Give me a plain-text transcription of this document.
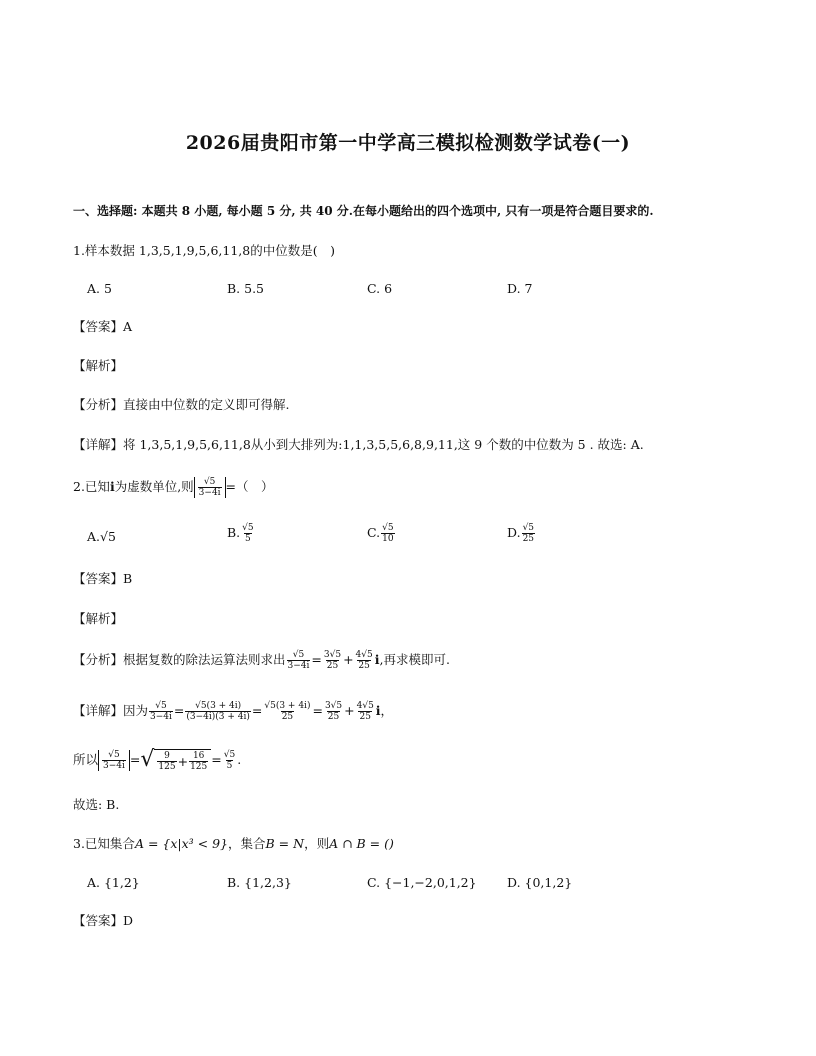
2026届贵阳市第一中学高三模拟检测数学试卷(一)
一、选择题: 本题共 8 小题, 每小题 5 分, 共 40 分.在每小题给出的四个选项中, 只有一项是符合题目要求的.
1.样本数据 1,3,5,1,9,5,6,11,8的中位数是(　)
A. 5	B. 5.5	C. 6	D. 7
【答案】A
【解析】
【分析】直接由中位数的定义即可得解.
【详解】将 1,3,5,1,9,5,6,11,8从小到大排列为:1,1,3,5,5,6,8,9,11,这 9 个数的中位数为 5 . 故选: A.
2.已知i为虚数单位,则 $\frac{√5}{3-4i}$ =（　）
A.√5	B. $\frac{√5}{5}$	C. $\frac{√5}{10}$	D. $\frac{√5}{25}$
【答案】B
【解析】
【分析】根据复数的除法运算法则求出 $\frac{√5}{3-4i} = \frac{3√5}{25} + \frac{4√5}{25} i$,再求模即可.
【详解】因为 $\frac{√5}{3-4i} = \frac{√5(3 + 4i)}{(3-4i)(3 + 4i)} = \frac{√5(3 + 4i)}{25} = \frac{3√5}{25} + \frac{4√5}{25}$ i，
所以 $\frac{√5}{3-4i}$ = √ $\frac{9}{125} + \frac{16}{125} = \frac{√5}{5}$ .
故选: B.
3.已知集合A = {x|x³ < 9}，集合B = N，则A ∩ B = ()
A. {1,2}	B. {1,2,3}	C. {−1,−2,0,1,2} D. {0,1,2}
【答案】D
